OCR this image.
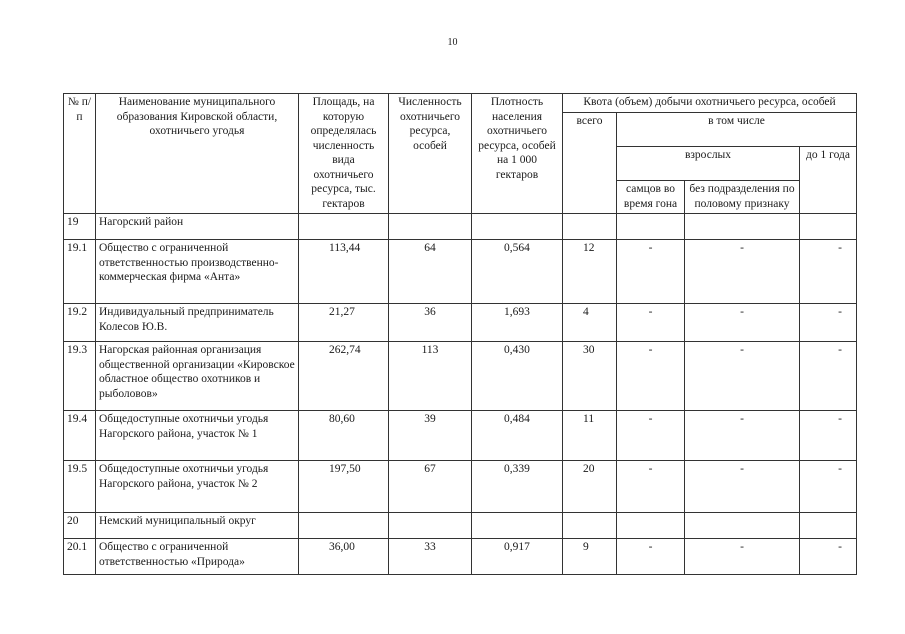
10
№ п/п	Наименование муниципального образования Кировской области, охотничьего угодья	Площадь, на которую определялась численность вида охотничьего ресурса, тыс. гектаров	Численность охотничьего ресурса, особей	Плотность населения охотничьего ресурса, особей на 1 000 гектаров	Квота (объем) добычи охотничьего ресурса, особей			
					всего	в том числе		
						взрослых		до 1 года
						самцов во время гона	без подразделения по половому признаку	
19	Нагорский район							
19.1	Общество с ограниченной ответственностью производственно-коммерческая фирма «Анта»	113,44	64	0,564	12	-	-	-
19.2	Индивидуальный предприниматель Колесов Ю.В.	21,27	36	1,693	4	-	-	-
19.3	Нагорская районная организация общественной организации «Кировское областное общество охотников и рыболовов»	262,74	113	0,430	30	-	-	-
19.4	Общедоступные охотничьи угодья Нагорского района, участок № 1	80,60	39	0,484	11	-	-	-
19.5	Общедоступные охотничьи угодья Нагорского района, участок № 2	197,50	67	0,339	20	-	-	-
20	Немский муниципальный округ							
20.1	Общество с ограниченной ответственностью «Природа»	36,00	33	0,917	9	-	-	-
